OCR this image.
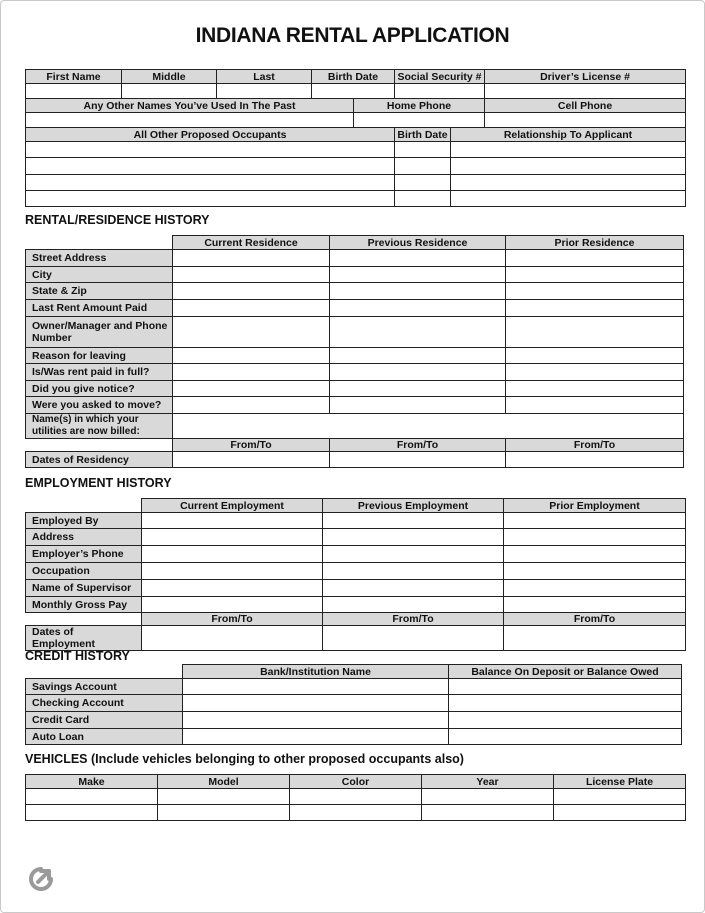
INDIANA RENTAL APPLICATION
First Name	Middle	Last	Birth Date		Social Security #		Driver’s License #

Any Other Names You’ve Used In The Past				Home Phone			Cell Phone

All Other Proposed Occupants					Birth Date	Relationship To Applicant	

RENTAL/RESIDENCE HISTORY
	Current Residence	Previous Residence	Prior Residence
Street Address			
City			
State & Zip			
Last Rent Amount Paid			
Owner/Manager and Phone Number			
Reason for leaving			
Is/Was rent paid in full?			
Did you give notice?			
Were you asked to move?			
Name(s) in which your utilities are now billed:			
	From/To	From/To	From/To
Dates of Residency			
EMPLOYMENT HISTORY
	Current Employment	Previous Employment	Prior Employment
Employed By			
Address			
Employer’s Phone			
Occupation			
Name of Supervisor			
Monthly Gross Pay			
	From/To	From/To	From/To
Dates of Employment			
CREDIT HISTORY
	Bank/Institution Name	Balance On Deposit or Balance Owed
Savings Account		
Checking Account		
Credit Card		
Auto Loan		
VEHICLES (Include vehicles belonging to other proposed occupants also)
Make	Model	Color	Year	License Plate
